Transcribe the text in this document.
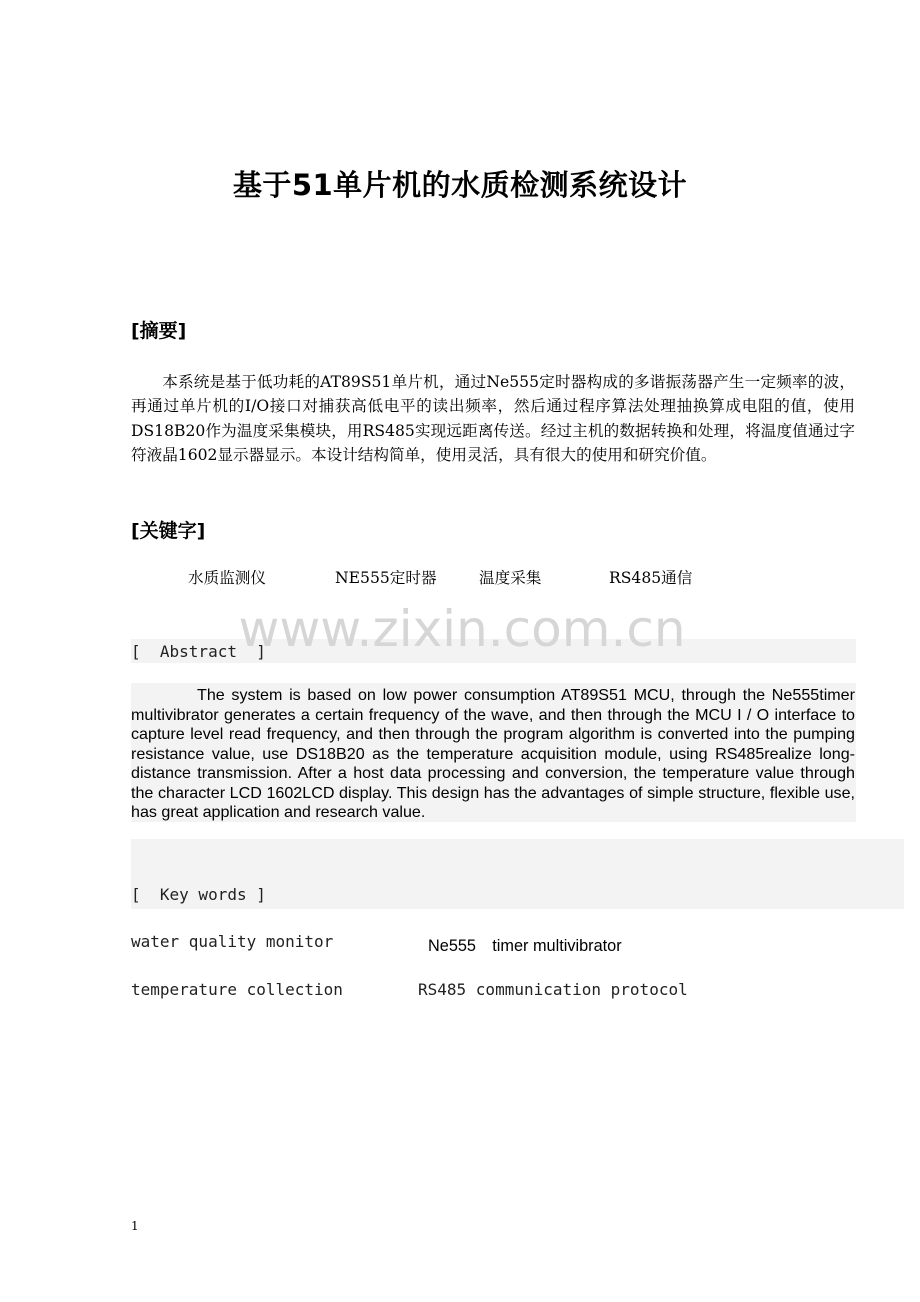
基于51单片机的水质检测系统设计
[摘要]
本系统是基于低功耗的AT89S51单片机，通过Ne555定时器构成的多谐振荡器产生一定频率的波，再通过单片机的I/O接口对捕获高低电平的读出频率，然后通过程序算法处理抽换算成电阻的值，使用DS18B20作为温度采集模块，用RS485实现远距离传送。经过主机的数据转换和处理，将温度值通过字符液晶1602显示器显示。本设计结构简单，使用灵活，具有很大的使用和研究价值。
[关键字]
水质监测仪	NE555定时器	温度采集	RS485通信
www.zixin.com.cn
[  Abstract  ]
The system is based on low power consumption AT89S51 MCU, through the Ne555timer multivibrator generates a certain frequency of the wave, and then through the MCU I / O interface to capture level read frequency, and then through the program algorithm is converted into the pumping resistance value, use DS18B20 as the temperature acquisition module, using RS485realize long-distance transmission. After a host data processing and conversion, the temperature value through the character LCD 1602LCD display. This design has the advantages of simple structure, flexible use, has great application and research value.
[  Key words ]
water quality monitor	Ne555　timer multivibrator
temperature collection	RS485 communication protocol
1
